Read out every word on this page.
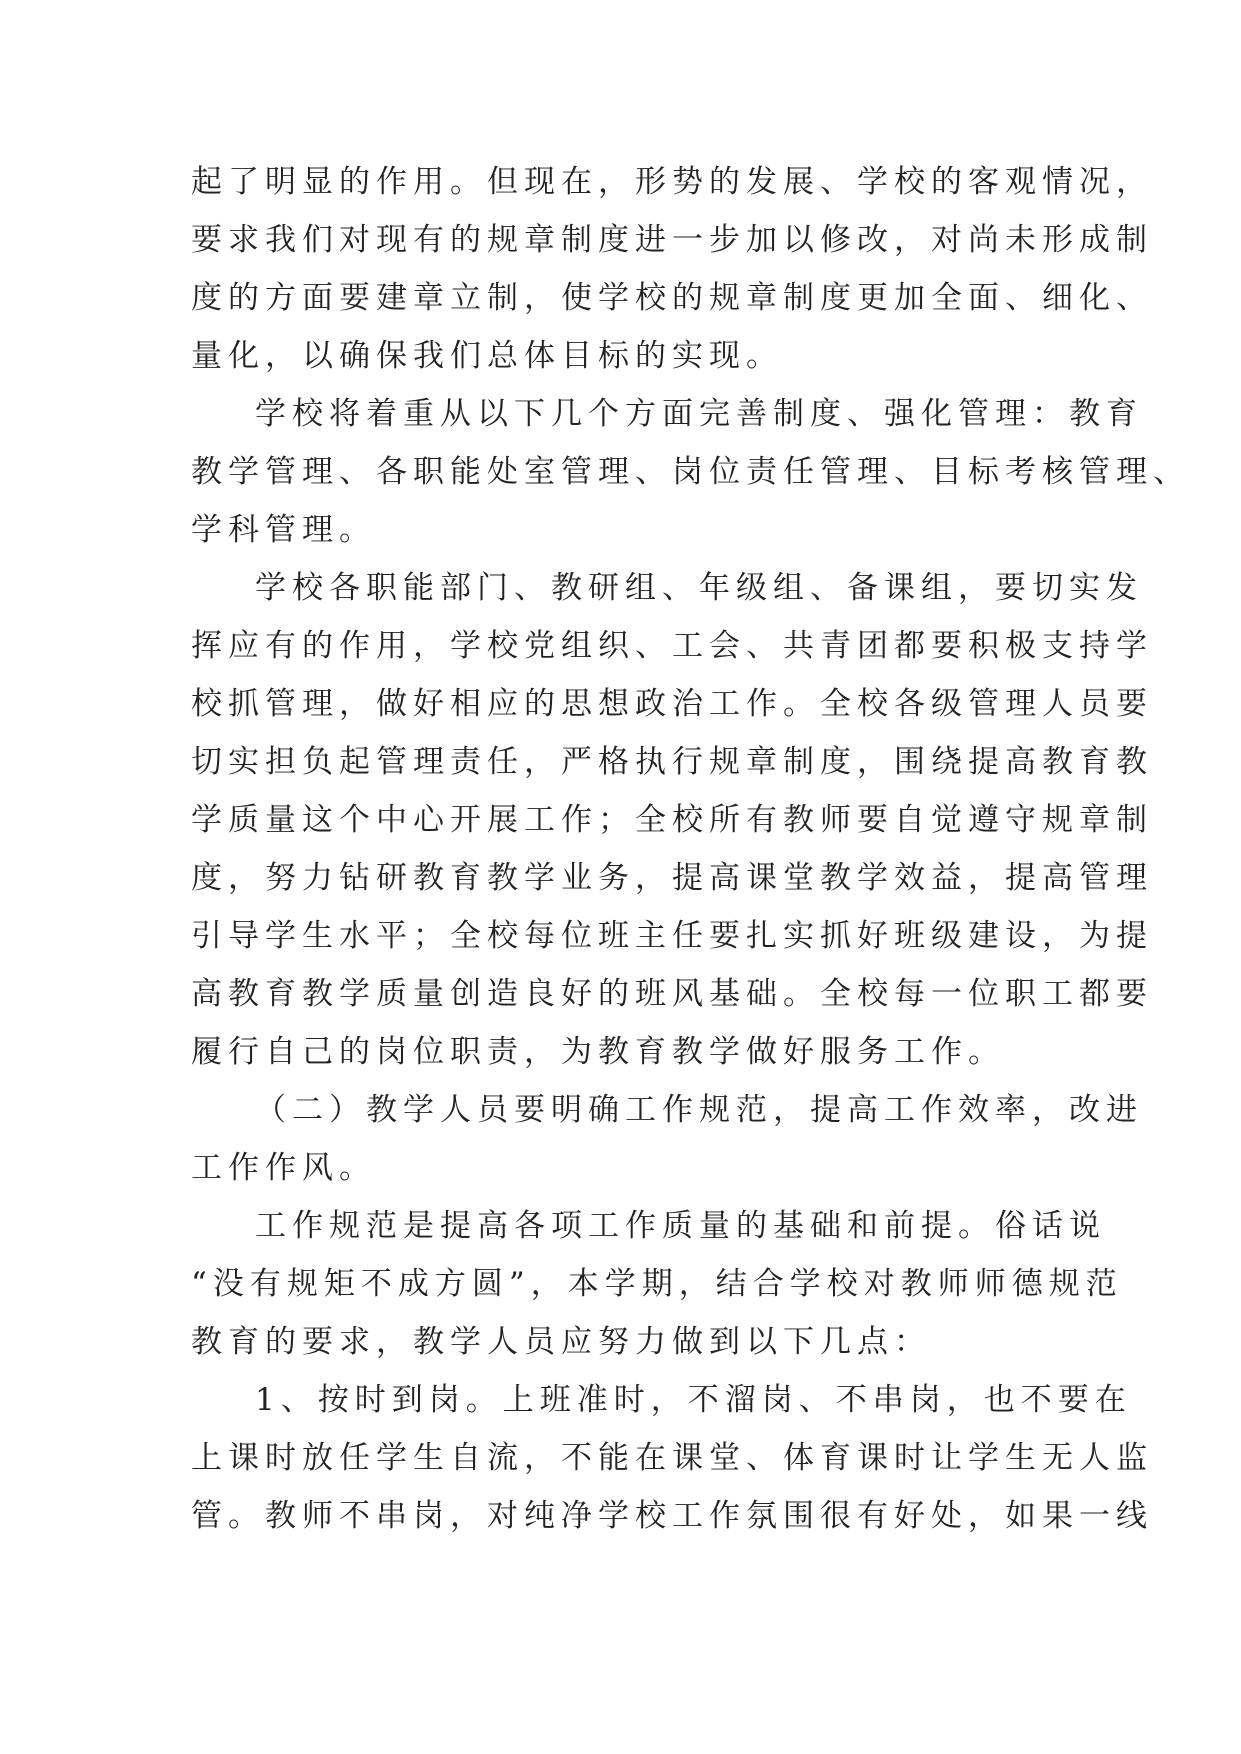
起了明显的作用。但现在，形势的发展、学校的客观情况，
要求我们对现有的规章制度进一步加以修改，对尚未形成制
度的方面要建章立制，使学校的规章制度更加全面、细化、
量化，以确保我们总体目标的实现。
学校将着重从以下几个方面完善制度、强化管理：教育
教学管理、各职能处室管理、岗位责任管理、目标考核管理、
学科管理。
学校各职能部门、教研组、年级组、备课组，要切实发
挥应有的作用，学校党组织、工会、共青团都要积极支持学
校抓管理，做好相应的思想政治工作。全校各级管理人员要
切实担负起管理责任，严格执行规章制度，围绕提高教育教
学质量这个中心开展工作；全校所有教师要自觉遵守规章制
度，努力钻研教育教学业务，提高课堂教学效益，提高管理
引导学生水平；全校每位班主任要扎实抓好班级建设，为提
高教育教学质量创造良好的班风基础。全校每一位职工都要
履行自己的岗位职责，为教育教学做好服务工作。
（二）教学人员要明确工作规范，提高工作效率，改进
工作作风。
工作规范是提高各项工作质量的基础和前提。俗话说
“没有规矩不成方圆”，本学期，结合学校对教师师德规范
教育的要求，教学人员应努力做到以下几点：
1、按时到岗。上班准时，不溜岗、不串岗，也不要在
上课时放任学生自流，不能在课堂、体育课时让学生无人监
管。教师不串岗，对纯净学校工作氛围很有好处，如果一线
